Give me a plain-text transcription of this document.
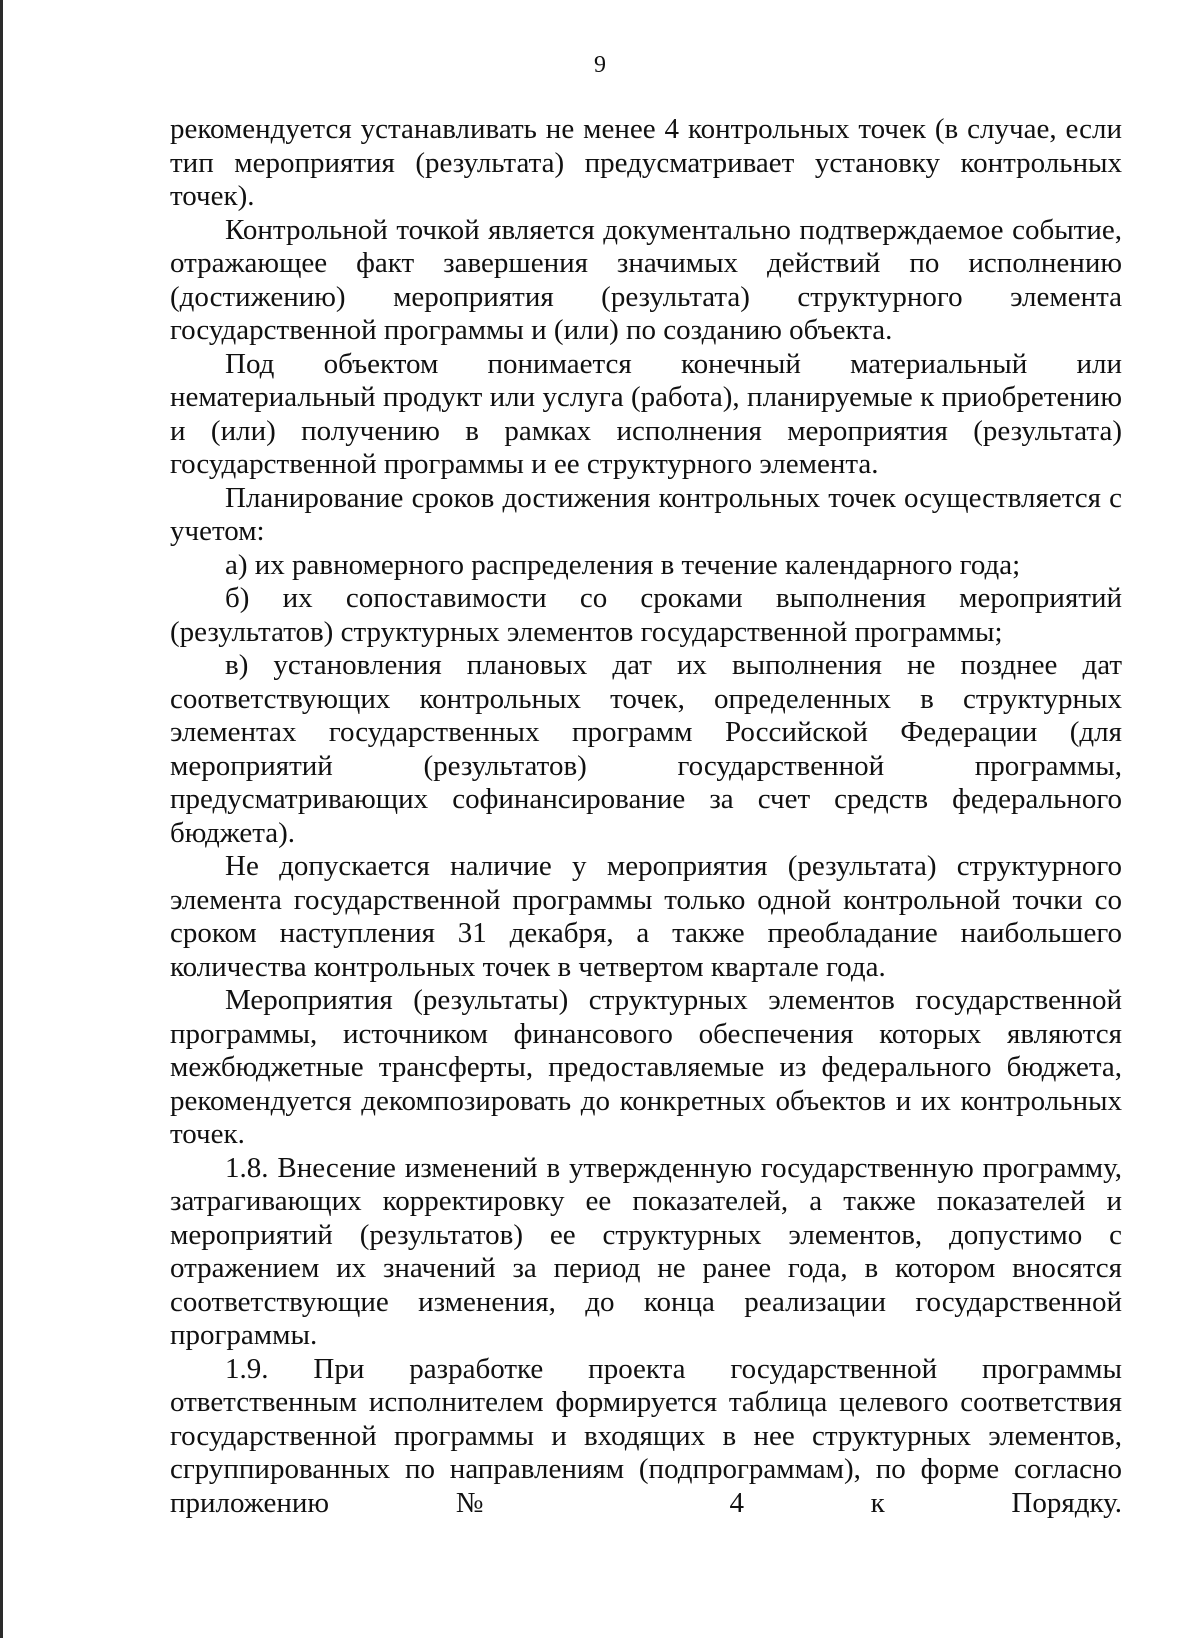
9

рекомендуется устанавливать не менее 4 контрольных точек (в случае, если тип мероприятия (результата) предусматривает установку контрольных точек).

Контрольной точкой является документально подтверждаемое событие, отражающее факт завершения значимых действий по исполнению (достижению) мероприятия (результата) структурного элемента государственной программы и (или) по созданию объекта.

Под объектом понимается конечный материальный или нематериальный продукт или услуга (работа), планируемые к приобретению и (или) получению в рамках исполнения мероприятия (результата) государственной программы и ее структурного элемента.

Планирование сроков достижения контрольных точек осуществляется с учетом:

а) их равномерного распределения в течение календарного года;

б) их сопоставимости со сроками выполнения мероприятий (результатов) структурных элементов государственной программы;

в) установления плановых дат их выполнения не позднее дат соответствующих контрольных точек, определенных в структурных элементах государственных программ Российской Федерации (для мероприятий (результатов) государственной программы, предусматривающих софинансирование за счет средств федерального бюджета).

Не допускается наличие у мероприятия (результата) структурного элемента государственной программы только одной контрольной точки со сроком наступления 31 декабря, а также преобладание наибольшего количества контрольных точек в четвертом квартале года.

Мероприятия (результаты) структурных элементов государственной программы, источником финансового обеспечения которых являются межбюджетные трансферты, предоставляемые из федерального бюджета, рекомендуется декомпозировать до конкретных объектов и их контрольных точек.

1.8. Внесение изменений в утвержденную государственную программу, затрагивающих корректировку ее показателей, а также показателей и мероприятий (результатов) ее структурных элементов, допустимо с отражением их значений за период не ранее года, в котором вносятся соответствующие изменения, до конца реализации государственной программы.

1.9. При разработке проекта государственной программы ответственным исполнителем формируется таблица целевого соответствия государственной программы и входящих в нее структурных элементов, сгруппированных по направлениям (подпрограммам), по форме согласно приложению № 4 к Порядку.
